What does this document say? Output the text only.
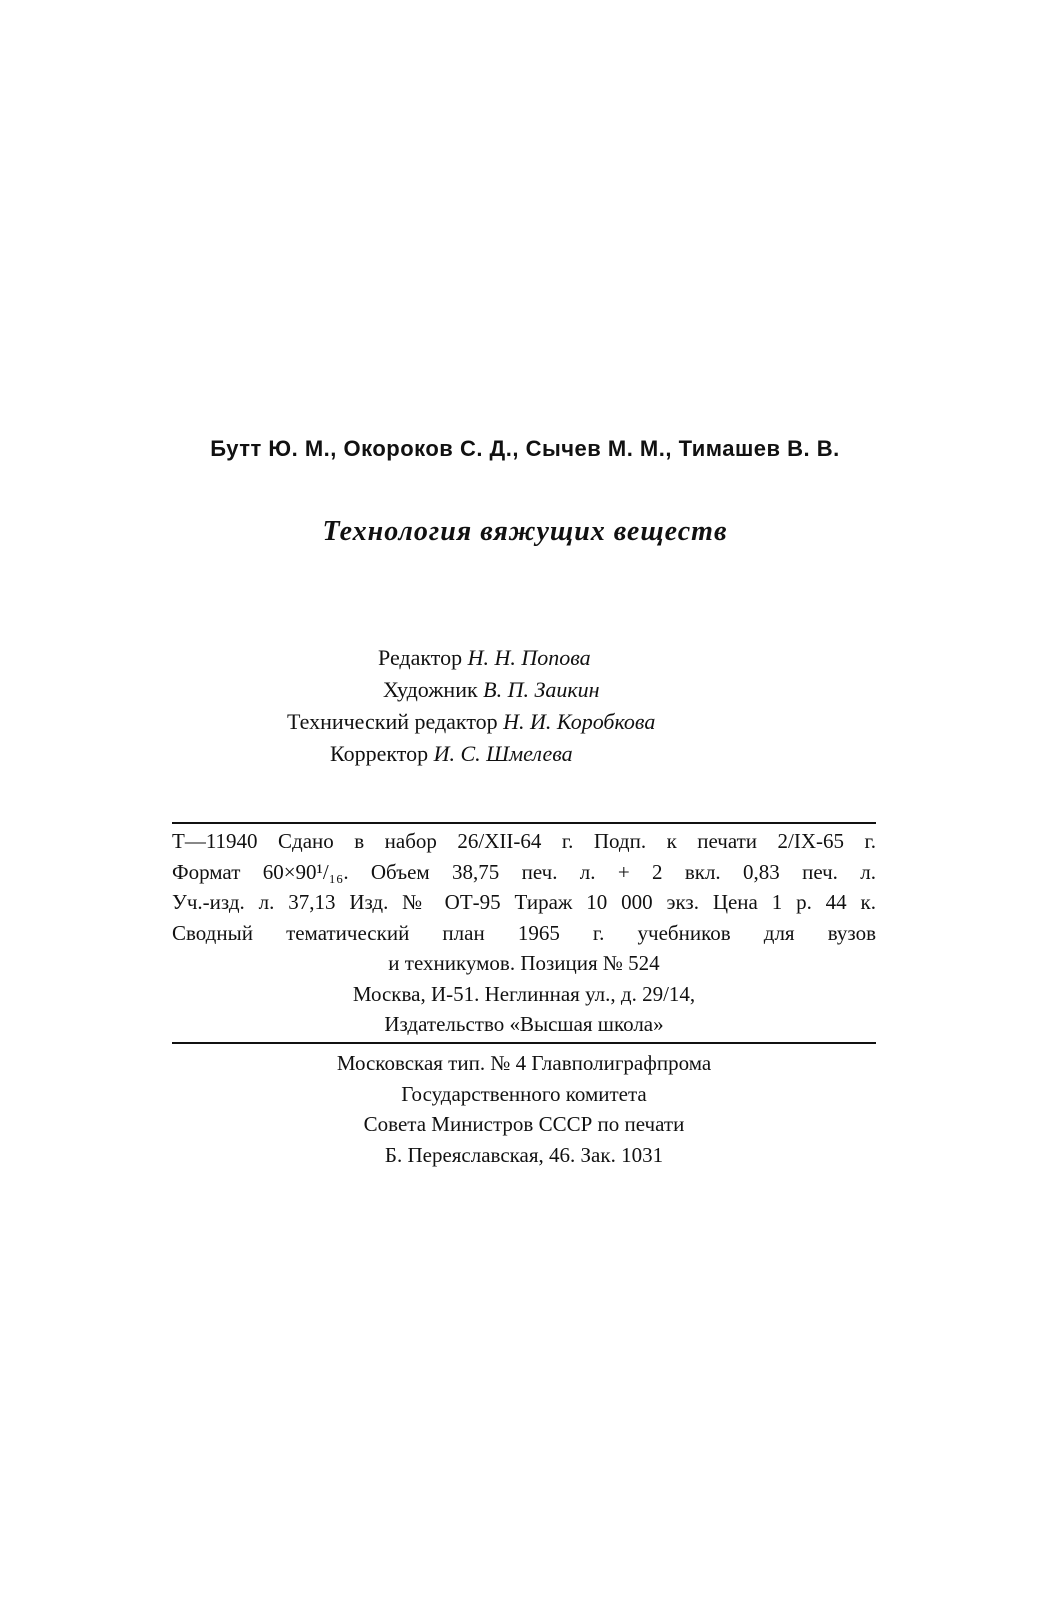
Бутт Ю. М., Окороков С. Д., Сычев М. М., Тимашев В. В.
Технология вяжущих веществ
Редактор Н. Н. Попова
Художник В. П. Заикин
Технический редактор Н. И. Коробкова
Корректор И. С. Шмелева
Т—11940 Сдано в набор 26/XII-64 г. Подп. к печати 2/IX-65 г.
Формат 60×90¹/₁₆. Объем 38,75 печ. л. + 2 вкл. 0,83 печ. л.
Уч.-изд. л. 37,13 Изд. № ОТ-95 Тираж 10 000 экз. Цена 1 р. 44 к.
Сводный тематический план 1965 г. учебников для вузов
и техникумов. Позиция № 524
Москва, И-51. Неглинная ул., д. 29/14,
Издательство «Высшая школа»
Московская тип. № 4 Главполиграфпрома
Государственного комитета
Совета Министров СССР по печати
Б. Переяславская, 46. Зак. 1031
